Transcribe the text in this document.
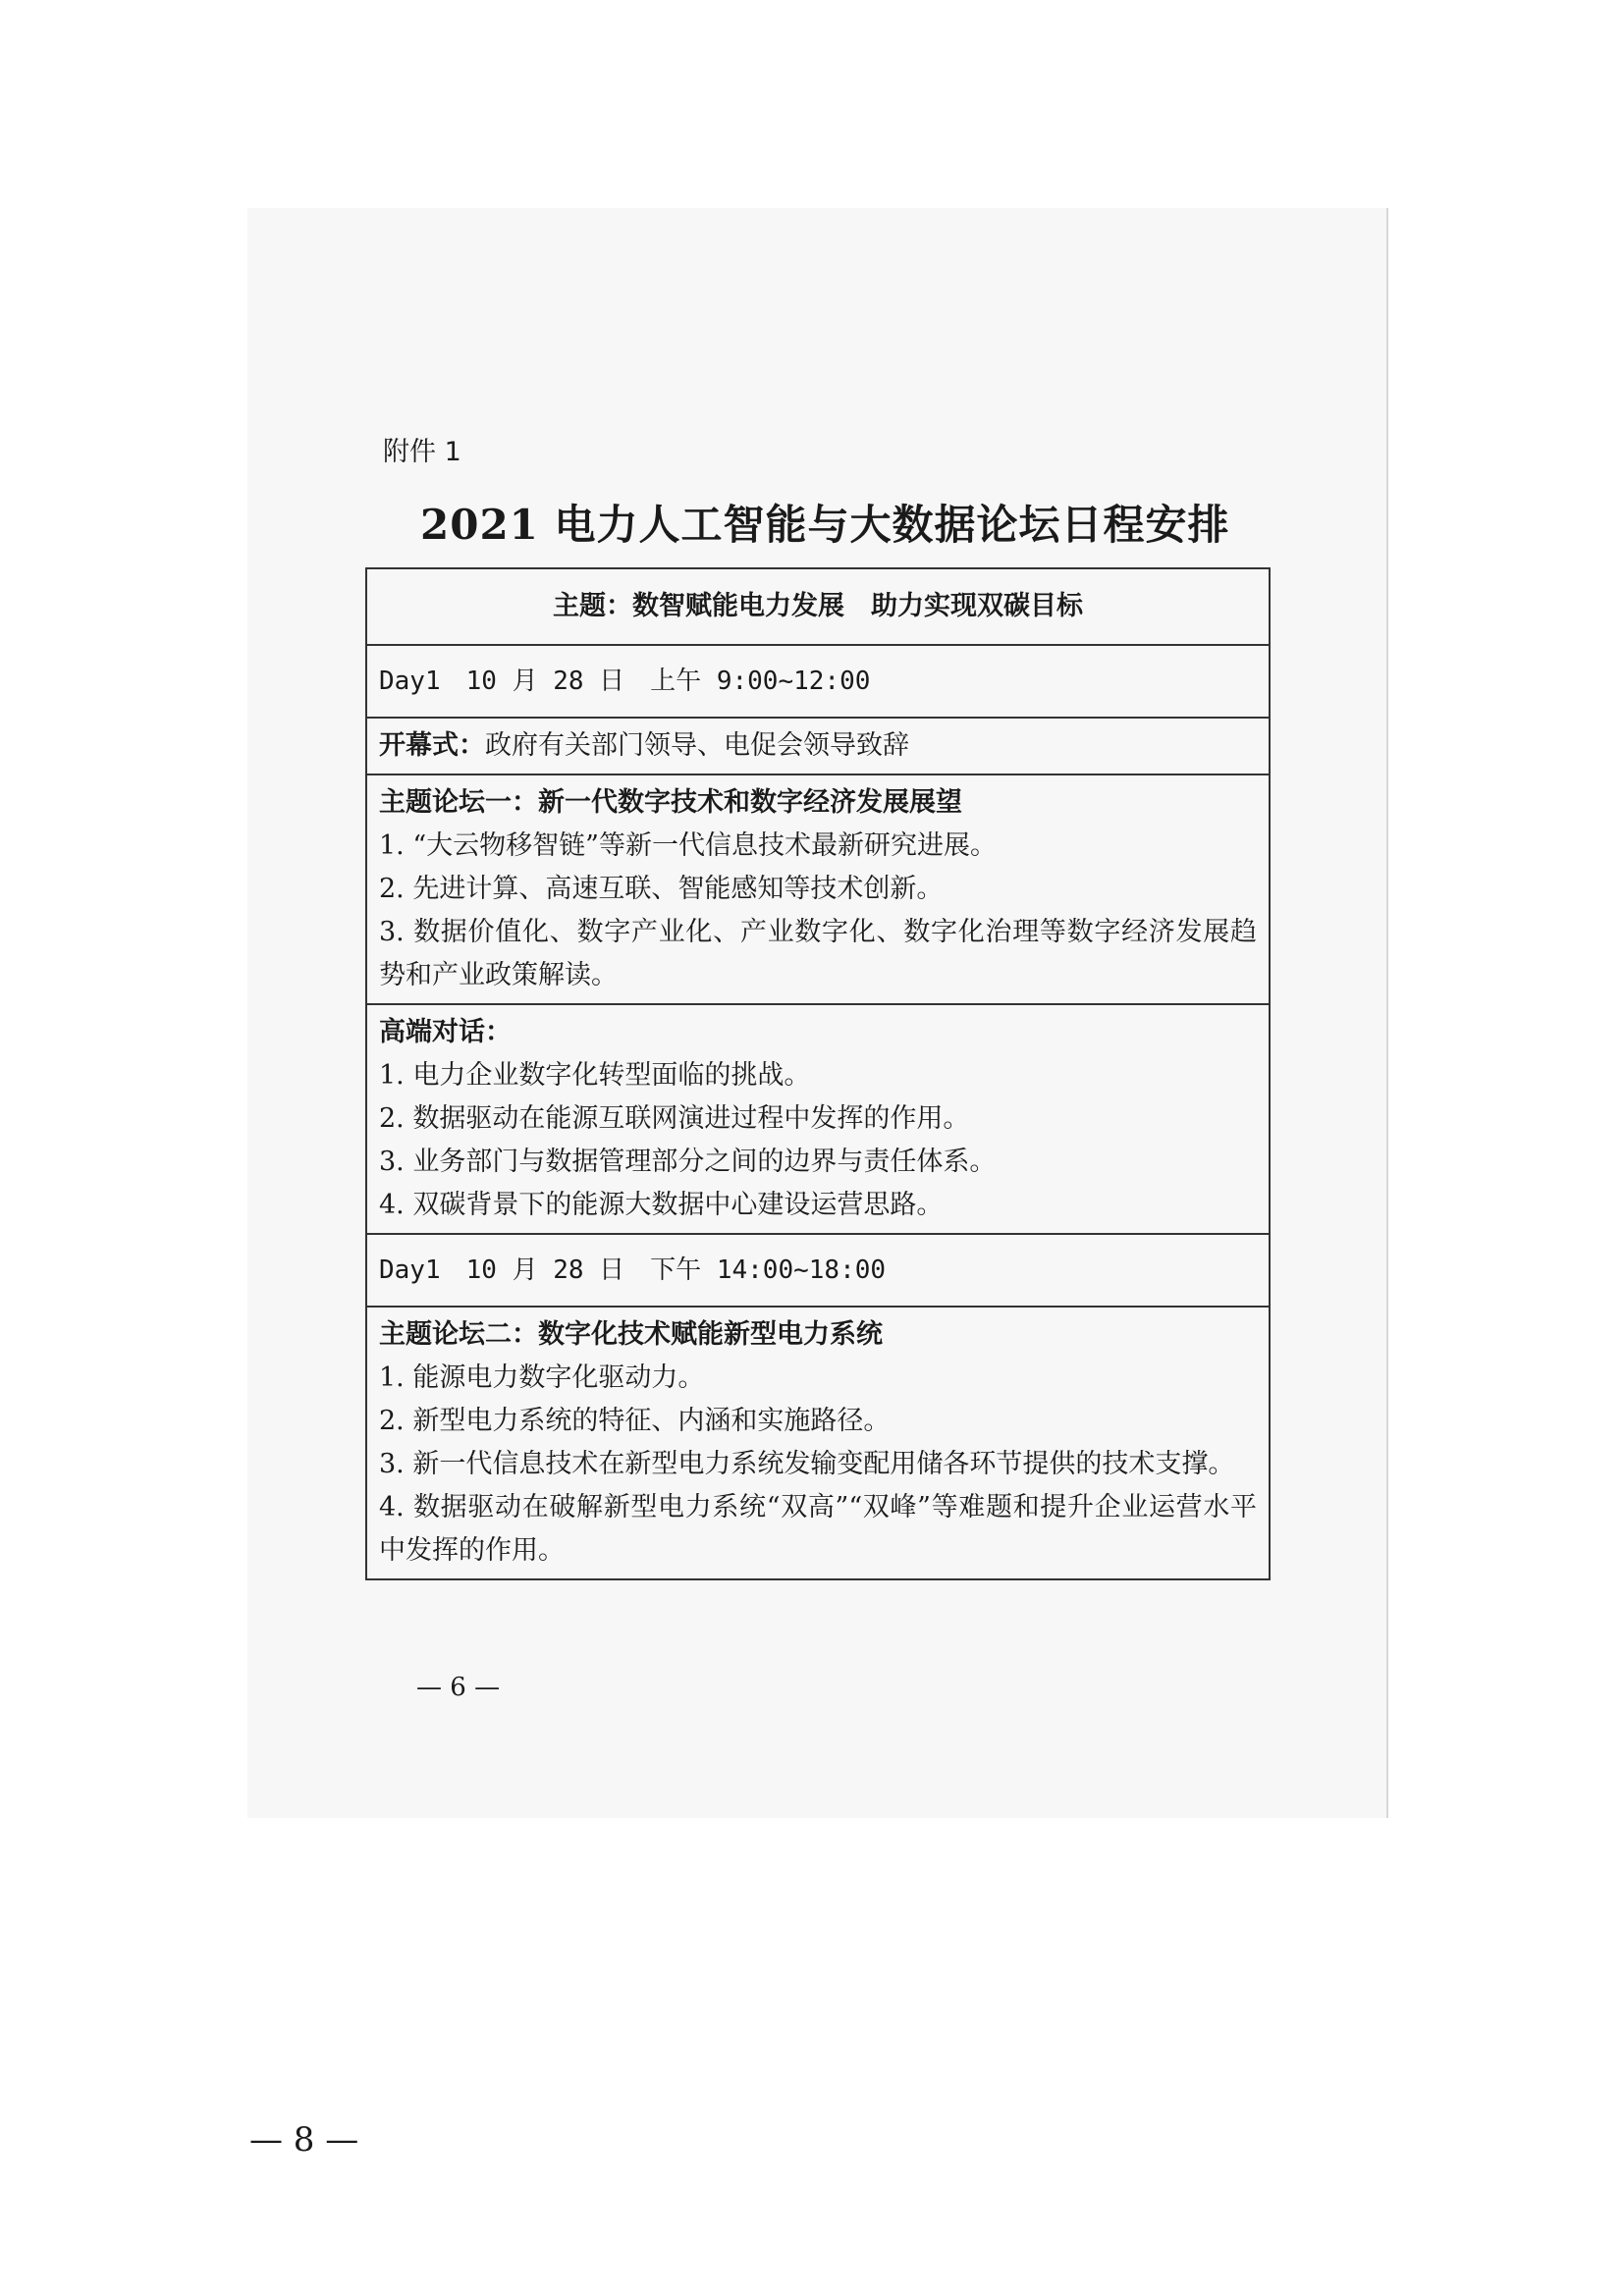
附件 1
2021 电力人工智能与大数据论坛日程安排
主题：数智赋能电力发展　助力实现双碳目标
Day1　10 月 28 日　上午 9:00~12:00
开幕式：政府有关部门领导、电促会领导致辞

主题论坛一：新一代数字技术和数字经济发展展望
1. “大云物移智链”等新一代信息技术最新研究进展。
2. 先进计算、高速互联、智能感知等技术创新。
3. 数据价值化、数字产业化、产业数字化、数字化治理等数字经济发展趋势和产业政策解读。

高端对话：
1. 电力企业数字化转型面临的挑战。
2. 数据驱动在能源互联网演进过程中发挥的作用。
3. 业务部门与数据管理部分之间的边界与责任体系。
4. 双碳背景下的能源大数据中心建设运营思路。

Day1　10 月 28 日　下午 14:00~18:00

主题论坛二：数字化技术赋能新型电力系统
1. 能源电力数字化驱动力。
2. 新型电力系统的特征、内涵和实施路径。
3. 新一代信息技术在新型电力系统发输变配用储各环节提供的技术支撑。
4. 数据驱动在破解新型电力系统“双高”“双峰”等难题和提升企业运营水平中发挥的作用。
— 6 —
— 8 —
